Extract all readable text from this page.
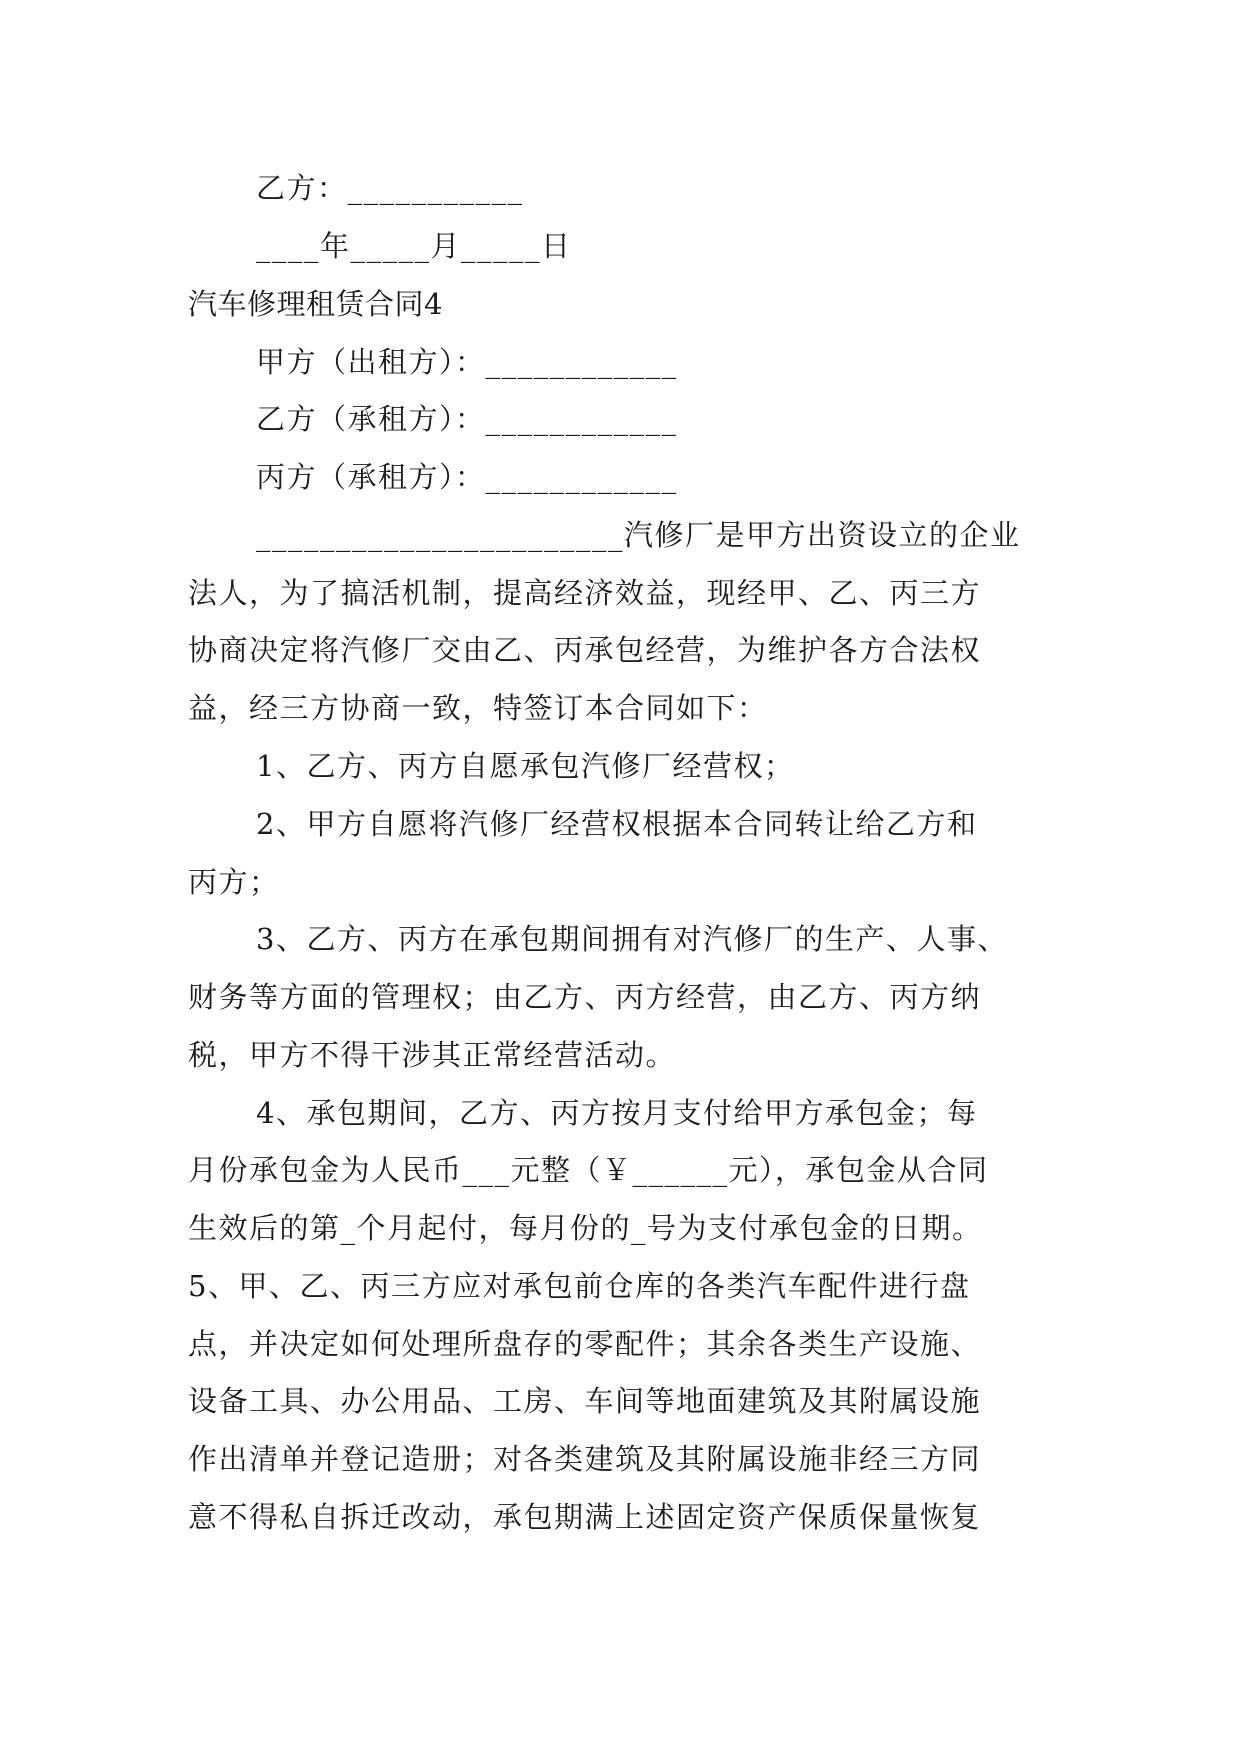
乙方：___________
____年_____月_____日
汽车修理租赁合同4
甲方（出租方）：____________
乙方（承租方）：____________
丙方（承租方）：____________
_______________________汽修厂是甲方出资设立的企业
法人，为了搞活机制，提高经济效益，现经甲、乙、丙三方
协商决定将汽修厂交由乙、丙承包经营，为维护各方合法权
益，经三方协商一致，特签订本合同如下：
1、乙方、丙方自愿承包汽修厂经营权；
2、甲方自愿将汽修厂经营权根据本合同转让给乙方和
丙方；
3、乙方、丙方在承包期间拥有对汽修厂的生产、人事、
财务等方面的管理权；由乙方、丙方经营，由乙方、丙方纳
税，甲方不得干涉其正常经营活动。
4、承包期间，乙方、丙方按月支付给甲方承包金；每
月份承包金为人民币___元整（￥______元），承包金从合同
生效后的第_个月起付，每月份的_号为支付承包金的日期。
5、甲、乙、丙三方应对承包前仓库的各类汽车配件进行盘
点，并决定如何处理所盘存的零配件；其余各类生产设施、
设备工具、办公用品、工房、车间等地面建筑及其附属设施
作出清单并登记造册；对各类建筑及其附属设施非经三方同
意不得私自拆迁改动，承包期满上述固定资产保质保量恢复
